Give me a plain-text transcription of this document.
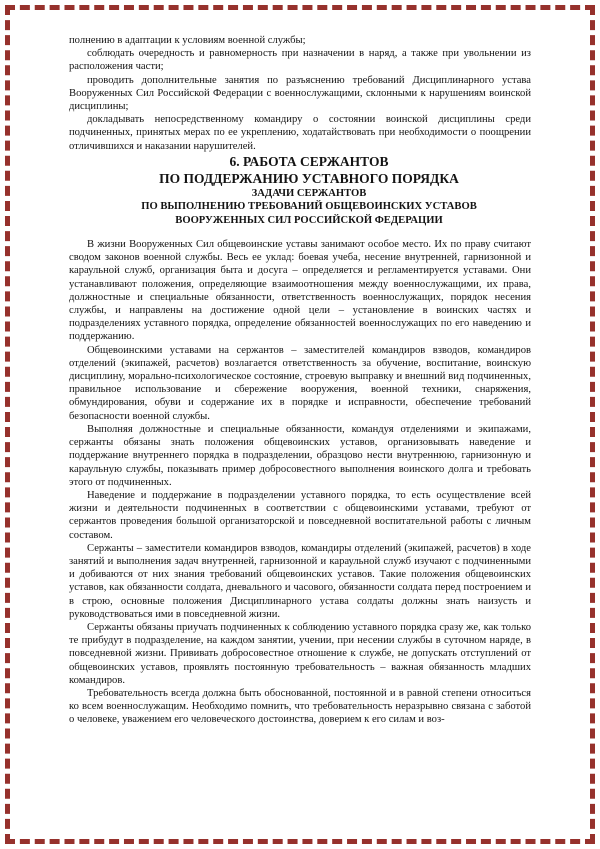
полнению в адаптации к условиям военной службы;

соблюдать очередность и равномерность при назначении в наряд, а также при увольнении из расположения части;

проводить дополнительные занятия по разъяснению требований Дисциплинарного устава Вооруженных Сил Российской Федерации с военнослужащими, склонными к нарушениям воинской дисциплины;

докладывать непосредственному командиру о состоянии воинской дисциплины среди подчиненных, принятых мерах по ее укреплению, ходатайствовать при необходимости о поощрении отличившихся и наказании нарушителей.

6. РАБОТА СЕРЖАНТОВ

ПО ПОДДЕРЖАНИЮ УСТАВНОГО ПОРЯДКА

ЗАДАЧИ СЕРЖАНТОВ

ПО ВЫПОЛНЕНИЮ ТРЕБОВАНИЙ ОБЩЕВОИНСКИХ УСТАВОВ

ВООРУЖЕННЫХ СИЛ РОССИЙСКОЙ ФЕДЕРАЦИИ

В жизни Вооруженных Сил общевоинские уставы занимают особое место. Их по праву считают сводом законов военной службы. Весь ее уклад: боевая учеба, несение внутренней, гарнизонной и караульной служб, организация быта и досуга – определяется и регламентируется уставами. Они устанавливают положения, определяющие взаимоотношения между военнослужащими, их права, должностные и специальные обязанности, ответственность военнослужащих, порядок несения службы, и направлены на достижение одной цели – установление в воинских частях и подразделениях уставного порядка, определение обязанностей военнослужащих по его наведению и поддержанию.

Общевоинскими уставами на сержантов – заместителей командиров взводов, командиров отделений (экипажей, расчетов) возлагается ответственность за обучение, воспитание, воинскую дисциплину, морально-психологическое состояние, строевую выправку и внешний вид подчиненных, правильное использование и сбережение вооружения, военной техники, снаряжения, обмундирования, обуви и содержание их в порядке и исправности, обеспечение требований безопасности военной службы.

Выполняя должностные и специальные обязанности, командуя отделениями и экипажами, сержанты обязаны знать положения общевоинских уставов, организовывать наведение и поддержание внутреннего порядка в подразделении, образцово нести внутреннюю, гарнизонную и караульную службы, показывать пример добросовестного выполнения воинского долга и требовать этого от подчиненных.

Наведение и поддержание в подразделении уставного порядка, то есть осуществление всей жизни и деятельности подчиненных в соответствии с общевоинскими уставами, требуют от сержантов проведения большой организаторской и повседневной воспитательной работы с личным составом.

Сержанты – заместители командиров взводов, командиры отделений (экипажей, расчетов) в ходе занятий и выполнения задач внутренней, гарнизонной и караульной служб изучают с подчиненными и добиваются от них знания требований общевоинских уставов. Такие положения общевоинских уставов, как обязанности солдата, дневального и часового, обязанности солдата перед построением и в строю, основные положения Дисциплинарного устава солдаты должны знать наизусть и руководствоваться ими в повседневной жизни.

Сержанты обязаны приучать подчиненных к соблюдению уставного порядка сразу же, как только те прибудут в подразделение, на каждом занятии, учении, при несении службы в суточном наряде, в повседневной жизни. Прививать добросовестное отношение к службе, не допускать отступлений от общевоинских уставов, проявлять постоянную требовательность – важная обязанность младших командиров.

Требовательность всегда должна быть обоснованной, постоянной и в равной степени относиться ко всем военнослужащим. Необходимо помнить, что требовательность неразрывно связана с заботой о человеке, уважением его человеческого достоинства, доверием к его силам и воз-
